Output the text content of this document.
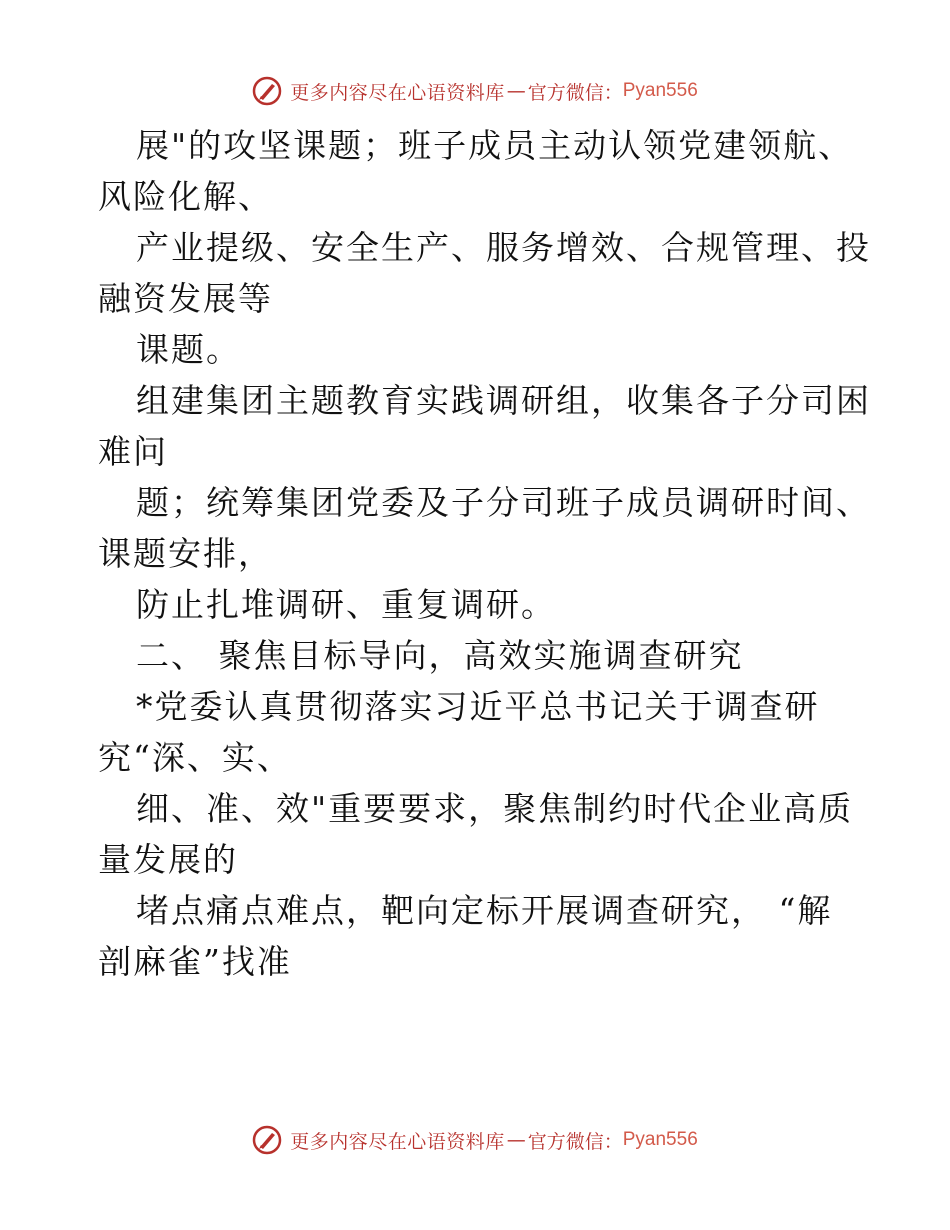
更多内容尽在心语资料库 — 官方微信： Pyan556
展"的攻坚课题；班子成员主动认领党建领航、
风险化解、
产业提级、安全生产、服务增效、合规管理、投
融资发展等
课题。
组建集团主题教育实践调研组，收集各子分司困
难问
题；统筹集团党委及子分司班子成员调研时间、
课题安排，
防止扎堆调研、重复调研。
二、 聚焦目标导向，高效实施调查研究
*党委认真贯彻落实习近平总书记关于调查研
究“深、实、
细、准、效"重要要求，聚焦制约时代企业高质
量发展的
堵点痛点难点，靶向定标开展调查研究， “解
剖麻雀”找准
更多内容尽在心语资料库 — 官方微信： Pyan556
